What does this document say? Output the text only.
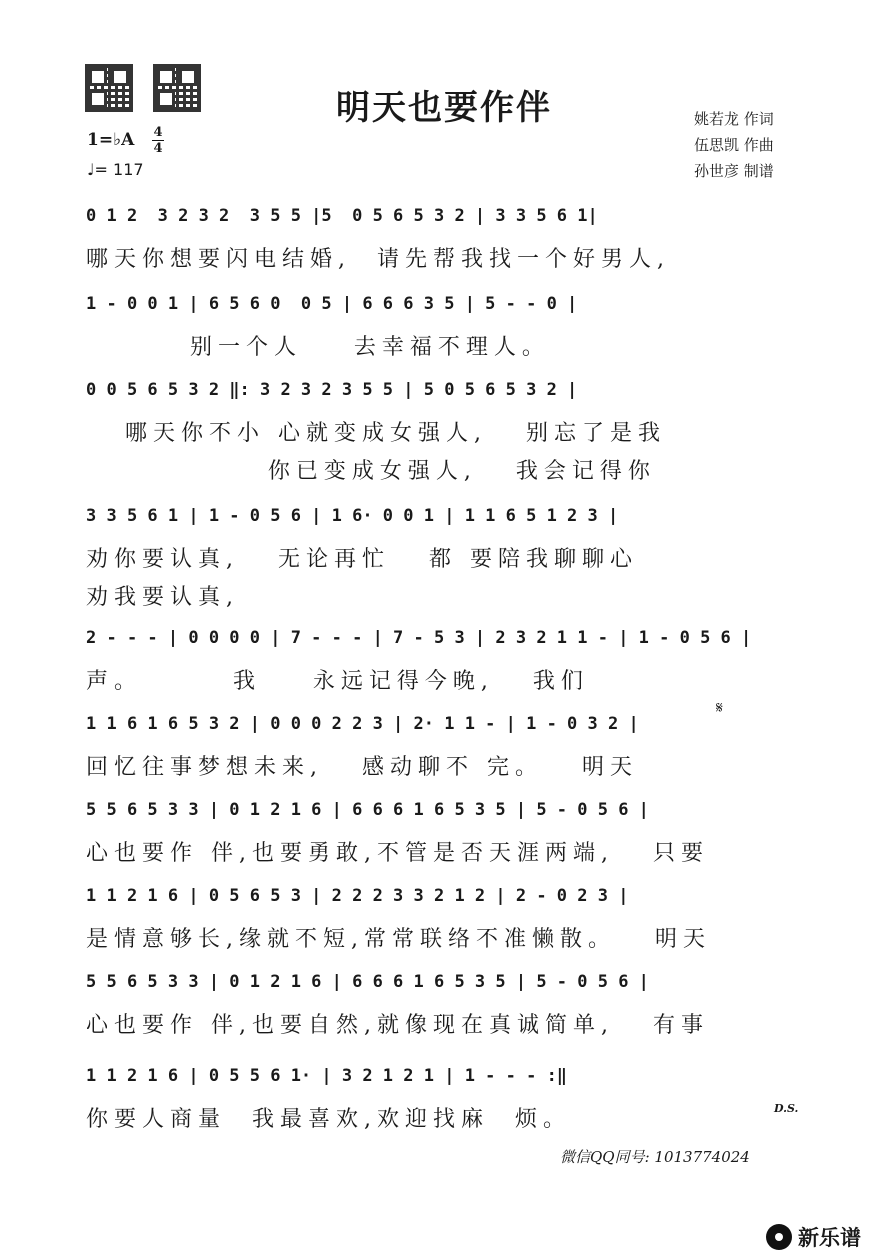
明天也要作伴	姚若龙 作词
伍思凯 作曲
孙世彦 制谱
1=♭A 4
4
♩= 117
0 1 2  3 2 3 2  3 5 5 |5  0 5 6 5 3 2 | 3 3 5 6 1|
哪天你想要闪电结婚,  请先帮我找一个好男人,
1 - 0 0 1 | 6 5 6 0  0 5 | 6 6 6 3 5 | 5 - - 0 |
别一个人    去幸福不理人。
0 0 5 6 5 3 2 ‖: 3 2 3 2 3 5 5 | 5 0 5 6 5 3 2 |
哪天你不小 心就变成女强人,   别忘了是我
你已变成女强人,   我会记得你
3 3 5 6 1 | 1 - 0 5 6 | 1 6· 0 0 1 | 1 1 6 5 1 2 3 |
劝你要认真,   无论再忙   都 要陪我聊聊心
劝我要认真,
2 - - - | 0 0 0 0 | 7 - - - | 7 - 5 3 | 2 3 2 1 1 - | 1 - 0 5 6 |
声。       我    永远记得今晚,   我们
1 1 6 1 6 5 3 2 | 0 0 0 2 2 3 | 2· 1 1 - | 1 - 0 3 2 |
回忆往事梦想未来,   感动聊不 完。   明天
5 5 6 5 3 3 | 0 1 2 1 6 | 6 6 6 1 6 5 3 5 | 5 - 0 5 6 |
心也要作 伴,也要勇敢,不管是否天涯两端,   只要
1 1 2 1 6 | 0 5 6 5 3 | 2 2 2 3 3 2 1 2 | 2 - 0 2 3 |
是情意够长,缘就不短,常常联络不准懒散。   明天
5 5 6 5 3 3 | 0 1 2 1 6 | 6 6 6 1 6 5 3 5 | 5 - 0 5 6 |
心也要作 伴,也要自然,就像现在真诚简单,   有事
1 1 2 1 6 | 0 5 5 6 1· | 3 2 1 2 1 | 1 - - - :‖
你要人商量  我最喜欢,欢迎找麻  烦。
𝄋
D.S.
微信QQ同号: 1013774024
新乐谱
